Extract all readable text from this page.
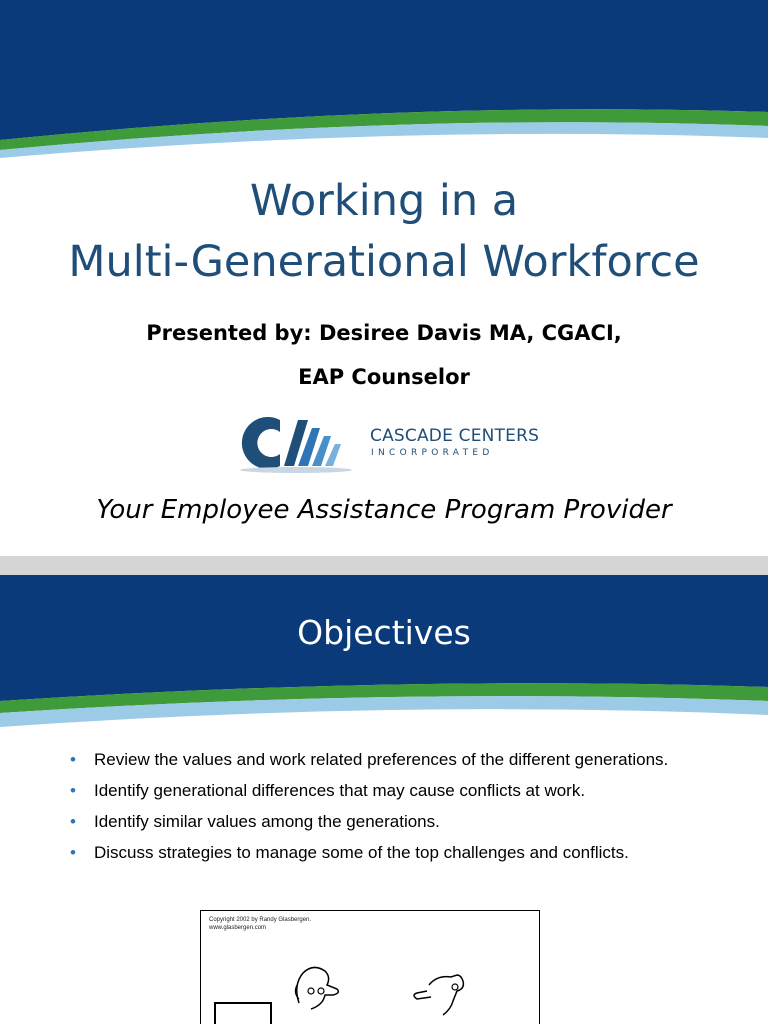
Working in a
Multi-Generational Workforce
Presented by: Desiree Davis MA, CGACI,
EAP Counselor
CASCADE CENTERS
INCORPORATED
Your Employee Assistance Program Provider
Objectives
• Review the values and work related preferences of the different generations.
• Identify generational differences that may cause conflicts at work.
• Identify similar values among the generations.
• Discuss strategies to manage some of the top challenges and conflicts.
Copyright 2002 by Randy Glasbergen.
www.glasbergen.com
